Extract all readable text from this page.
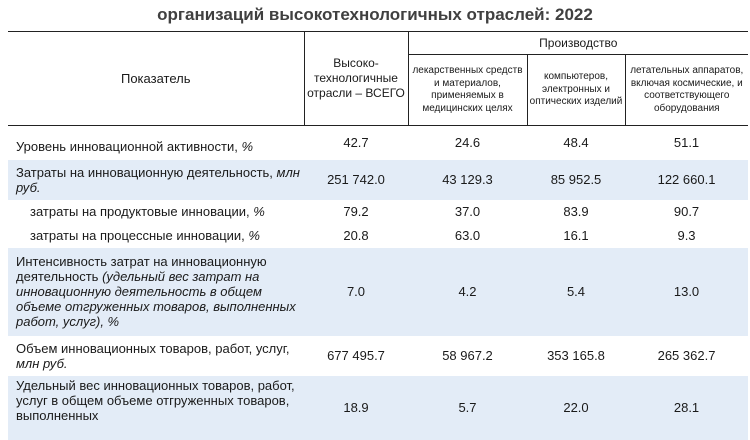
организаций высокотехнологичных отраслей: 2022
Показатель	Высоко-технологичные отрасли – ВСЕГО	Производство		
		лекарственных средств и материалов, применяемых в медицинских целях	компьютеров, электронных и оптических изделий	летательных аппаратов, включая космические, и соответствующего оборудования
Уровень инновационной активности, %	42.7	24.6	48.4	51.1
Затраты на инновационную деятельность, млн руб.	251 742.0	43 129.3	85 952.5	122 660.1
затраты на продуктовые инновации, %	79.2	37.0	83.9	90.7
затраты на процессные инновации, %	20.8	63.0	16.1	9.3
Интенсивность затрат на инновационную деятельность (удельный вес затрат на инновационную деятельность в общем объеме отгруженных товаров, выполненных работ, услуг), %	7.0	4.2	5.4	13.0
Объем инновационных товаров, работ, услуг, млн руб.	677 495.7	58 967.2	353 165.8	265 362.7
Удельный вес инновационных товаров, работ, услуг в общем объеме отгруженных товаров, выполненных	18.9	5.7	22.0	28.1
